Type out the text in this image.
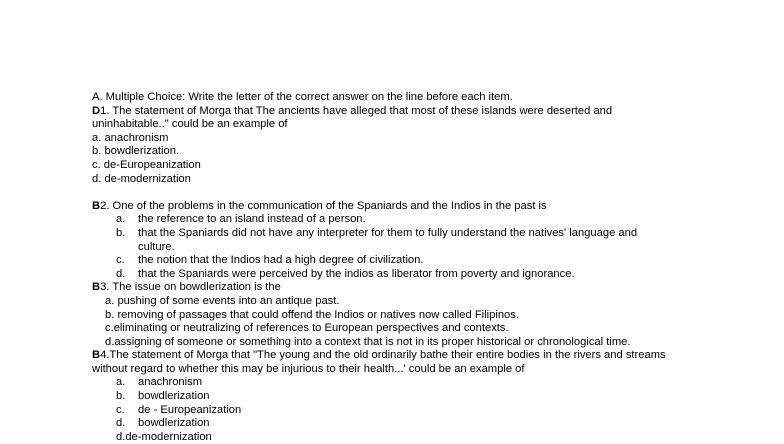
A. Multiple Choice: Write the letter of the correct answer on the line before each item.
D1. The statement of Morga that The ancients have alleged that most of these islands were deserted and
uninhabitable.." could be an example of
a. anachronism
b. bowdlerization.
c. de-Europeanization
d. de-modernization
B2. One of the problems in the communication of the Spaniards and the Indios in the past is
a. the reference to an island instead of a person.
b. that the Spaniards did not have any interpreter for them to fully understand the natives' language and
culture.
c. the notion that the Indios had a high degree of civilization.
d. that the Spaniards were perceived by the indios as liberator from poverty and ignorance.
B3. The issue on bowdlerization is the
a. pushing of some events into an antique past.
b. removing of passages that could offend the Indios or natives now called Filipinos.
c.eliminating or neutralizing of references to European perspectives and contexts.
d.assigning of someone or something into a context that is not in its proper historical or chronological time.
B4.The statement of Morga that "The young and the old ordinarily bathe their entire bodies in the rivers and streams
without regard to whether this may be injurious to their health...' could be an example of
a. anachronism
b. bowdlerization
c. de - Europeanization
d. bowdlerization
d.de-modernization
